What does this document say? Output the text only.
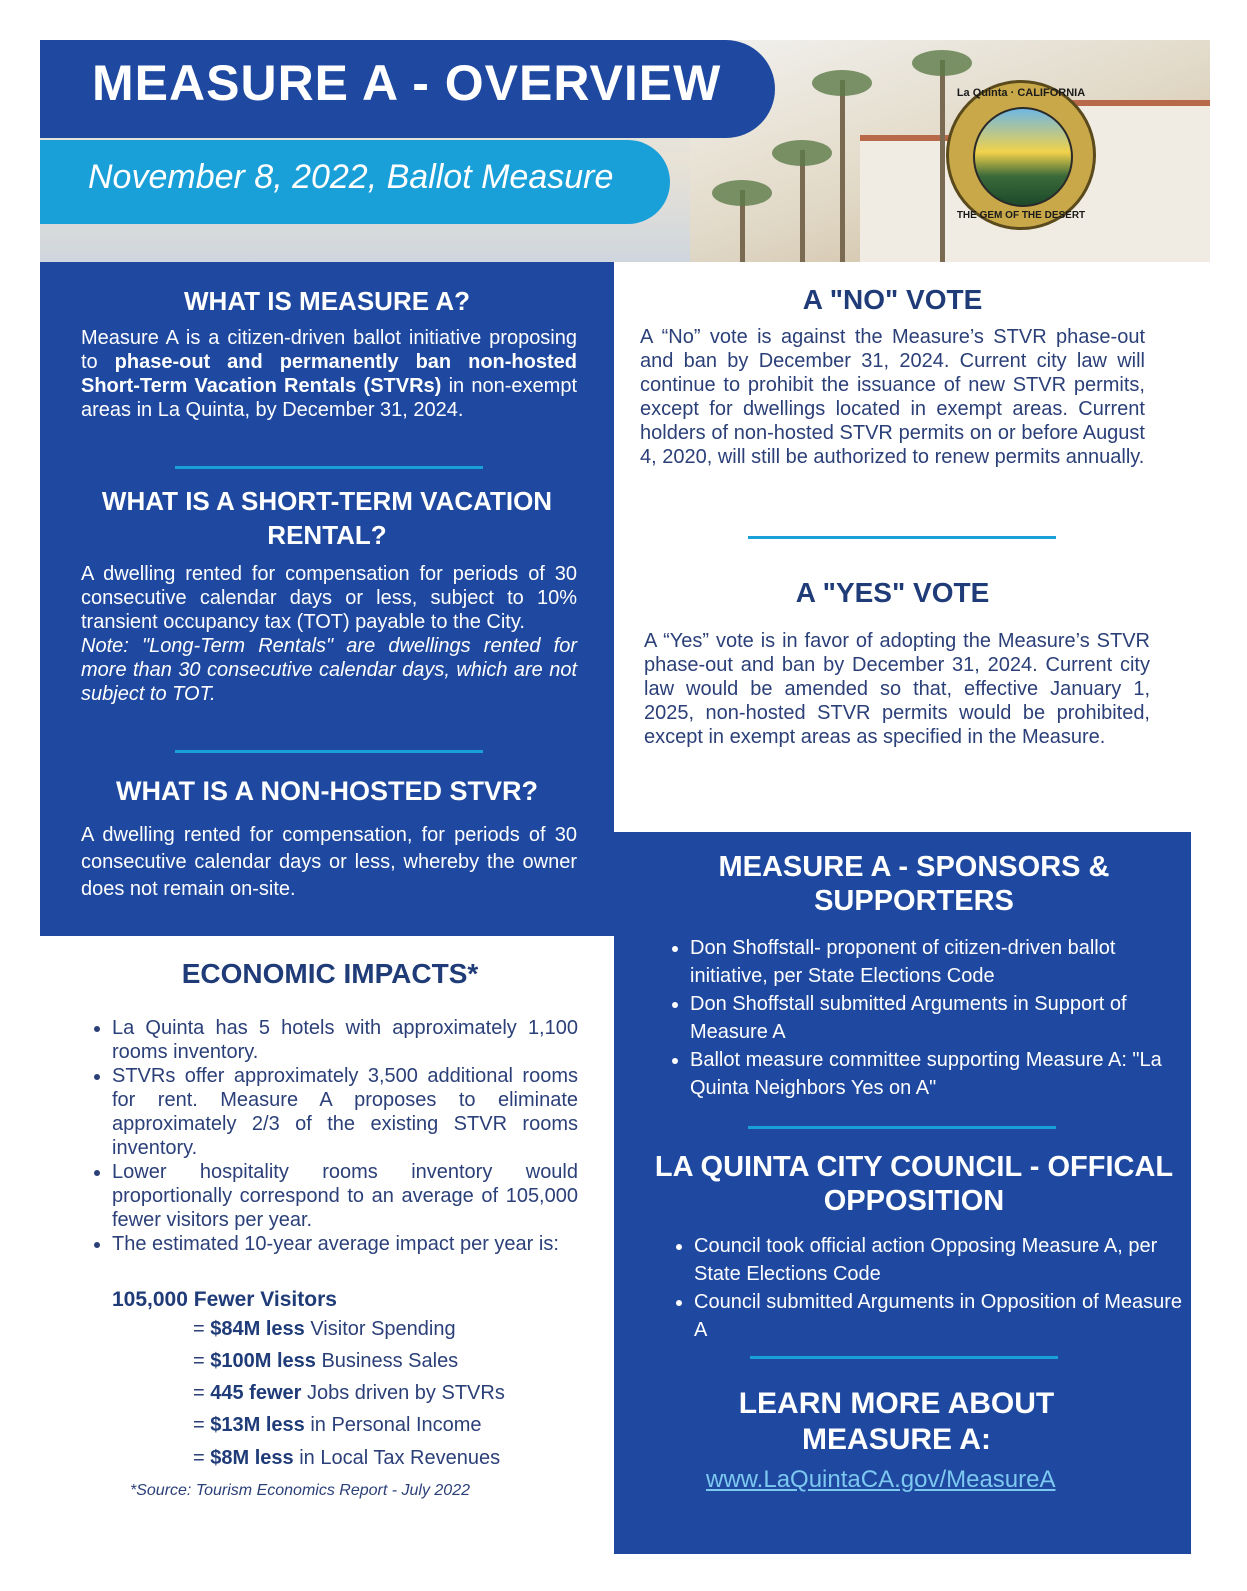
MEASURE A - OVERVIEW
November 8, 2022, Ballot Measure
La Quinta · CALIFORNIA
THE GEM OF THE DESERT
WHAT IS MEASURE A?

Measure A is a citizen-driven ballot initiative proposing to phase-out and permanently ban non-hosted Short-Term Vacation Rentals (STVRs) in non-exempt areas in La Quinta, by December 31, 2024.

WHAT IS A SHORT-TERM VACATION RENTAL?

A dwelling rented for compensation for periods of 30 consecutive calendar days or less, subject to 10% transient occupancy tax (TOT) payable to the City.
Note: "Long-Term Rentals" are dwellings rented for more than 30 consecutive calendar days, which are not subject to TOT.

WHAT IS A NON-HOSTED STVR?

A dwelling rented for compensation, for periods of 30 consecutive calendar days or less, whereby the owner does not remain on-site.

A "NO" VOTE

A “No” vote is against the Measure’s STVR phase-out and ban by December 31, 2024. Current city law will continue to prohibit the issuance of new STVR permits, except for dwellings located in exempt areas. Current holders of non-hosted STVR permits on or before August 4, 2020, will still be authorized to renew permits annually.

A "YES" VOTE

A “Yes” vote is in favor of adopting the Measure’s STVR phase-out and ban by December 31, 2024. Current city law would be amended so that, effective January 1, 2025, non-hosted STVR permits would be prohibited, except in exempt areas as specified in the Measure.

ECONOMIC IMPACTS*
• La Quinta has 5 hotels with approximately 1,100 rooms inventory.
• STVRs offer approximately 3,500 additional rooms for rent. Measure A proposes to eliminate approximately 2/3 of the existing STVR rooms inventory.
• Lower hospitality rooms inventory would proportionally correspond to an average of 105,000 fewer visitors per year.
• The estimated 10-year average impact per year is:
105,000 Fewer Visitors
= $84M less Visitor Spending
= $100M less Business Sales
= 445 fewer Jobs driven by STVRs
= $13M less in Personal Income
= $8M less in Local Tax Revenues
*Source: Tourism Economics Report - July 2022
MEASURE A - SPONSORS & SUPPORTERS
• Don Shoffstall- proponent of citizen-driven ballot initiative, per State Elections Code
• Don Shoffstall submitted Arguments in Support of Measure A
• Ballot measure committee supporting Measure A: "La Quinta Neighbors Yes on A"
LA QUINTA CITY COUNCIL - OFFICAL OPPOSITION
• Council took official action Opposing Measure A, per State Elections Code
• Council submitted Arguments in Opposition of Measure A
LEARN MORE ABOUT MEASURE A:
www.LaQuintaCA.gov/MeasureA
